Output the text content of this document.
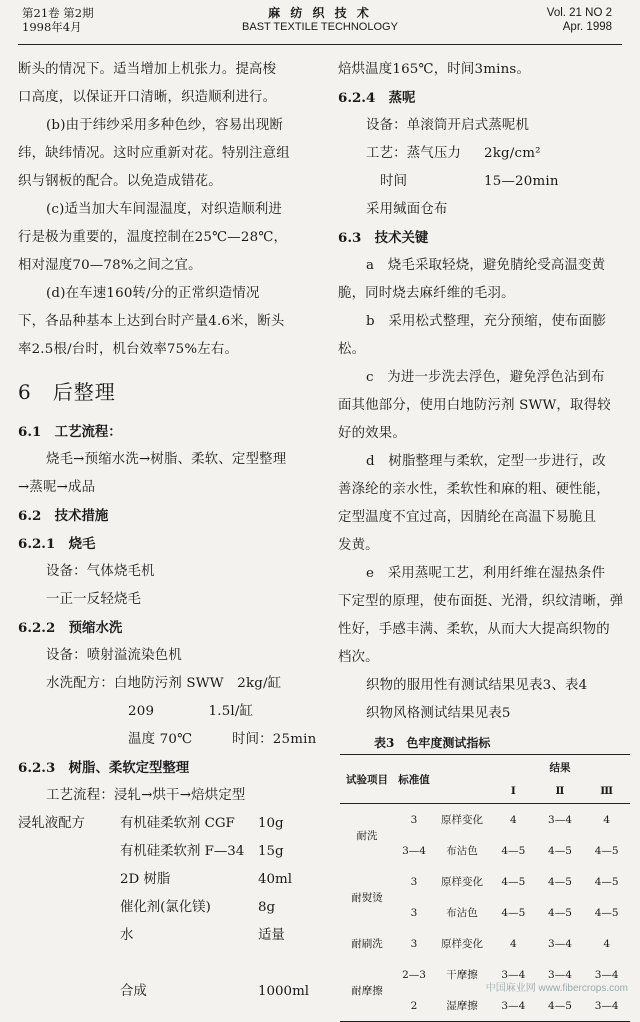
第21卷 第2期
1998年4月
麻 纺 织 技 术
BAST TEXTILE TECHNOLOGY
Vol. 21 NO 2
Apr. 1998
断头的情况下。适当增加上机张力。提高梭
口高度，以保证开口清晰，织造顺利进行。
(b)由于纬纱采用多种色纱，容易出现断
纬，缺纬情况。这时应重新对花。特别注意组
织与钢板的配合。以免造成错花。
(c)适当加大车间湿温度，对织造顺利进
行是极为重要的，温度控制在25℃—28℃，
相对湿度70—78%之间之宜。
(d)在车速160转/分的正常织造情况
下，各品种基本上达到台时产量4.6米，断头
率2.5根/台时，机台效率75%左右。
6　后整理
6.1　工艺流程：
烧毛→预缩水洗→树脂、柔软、定型整理
→蒸呢→成品
6.2　技术措施
6.2.1　烧毛
设备：气体烧毛机
一正一反轻烧毛
6.2.2　预缩水洗
设备：喷射溢流染色机
水洗配方：白地防污剂 SWW　2kg/缸
209　　　　1.5l/缸
温度 70℃	时间：25min
6.2.3　树脂、柔软定型整理
工艺流程：浸轧→烘干→焙烘定型
浸轧液配方	有机硅柔软剂 CGF	10g
有机硅柔软剂 F—34	15g
2D 树脂	40ml
催化剂(氯化镁)	8g
水	适量
合成	1000ml
焙烘温度165℃，时间3mins。
6.2.4　蒸呢
设备：单滚筒开启式蒸呢机
工艺：蒸气压力 2kg/cm²
时间	15—20min
采用缄面仓布
6.3　技术关键
a　烧毛采取轻烧，避免腈纶受高温变黄
脆，同时烧去麻纤维的毛羽。
b　采用松式整理，充分预缩，使布面膨
松。
c　为进一步洗去浮色，避免浮色沾到布
面其他部分，使用白地防污剂 SWW，取得较
好的效果。
d　树脂整理与柔软，定型一步进行，改
善涤纶的亲水性，柔软性和麻的粗、硬性能，
定型温度不宜过高，因腈纶在高温下易脆且
发黄。
e　采用蒸呢工艺，利用纤维在湿热条件
下定型的原理，使布面挺、光滑，织纹清晰，弹
性好，手感丰满、柔软，从而大大提高织物的
档次。
织物的服用性有测试结果见表3、表4
织物风格测试结果见表5
表3　色牢度测试指标
试验项目	标准值		结果		
			Ⅰ	Ⅱ	Ⅲ
耐洗	3	原样变化	4	3—4	4
	3—4	布沾色	4—5	4—5	4—5
耐熨烫	3	原样变化	4—5	4—5	4—5
	3	布沾色	4—5	4—5	4—5
耐刷洗	3	原样变化	4	3—4	4
耐摩擦	2—3	干摩擦	3—4	3—4	3—4
	2	湿摩擦	3—4	4—5	3—4
中国麻业网 www.fibercrops.com
